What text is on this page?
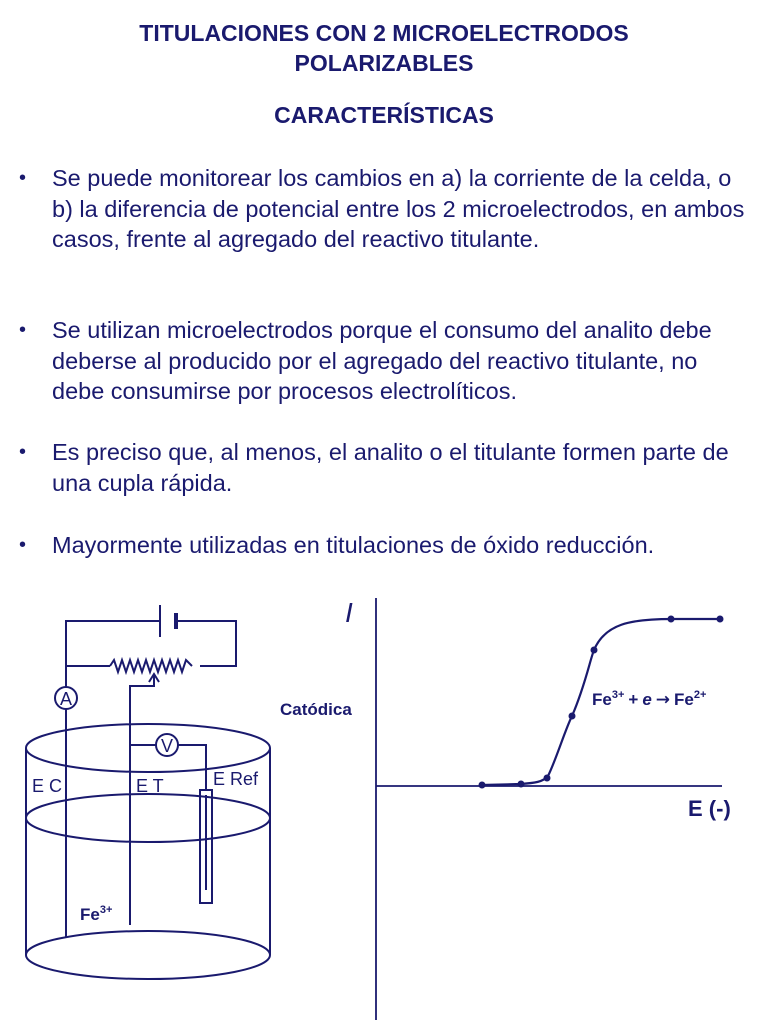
TITULACIONES CON 2 MICROELECTRODOS
POLARIZABLES
CARACTERÍSTICAS
• Se puede monitorear los cambios en a) la corriente de la celda, o b) la diferencia de potencial entre los 2 microelectrodos, en ambos casos, frente al agregado del reactivo titulante.
• Se utilizan microelectrodos porque el consumo del analito debe deberse al producido por el agregado del reactivo titulante, no debe consumirse por procesos electrolíticos.
• Es preciso que, al menos, el analito o el titulante formen parte de una cupla rápida.
• Mayormente utilizadas en titulaciones de óxido reducción.
A
V
E C	E T	E Ref
$Fe^{3+}$
I
E (-)
Catódica
$Fe^{3+} + e \to Fe^{2+}$
